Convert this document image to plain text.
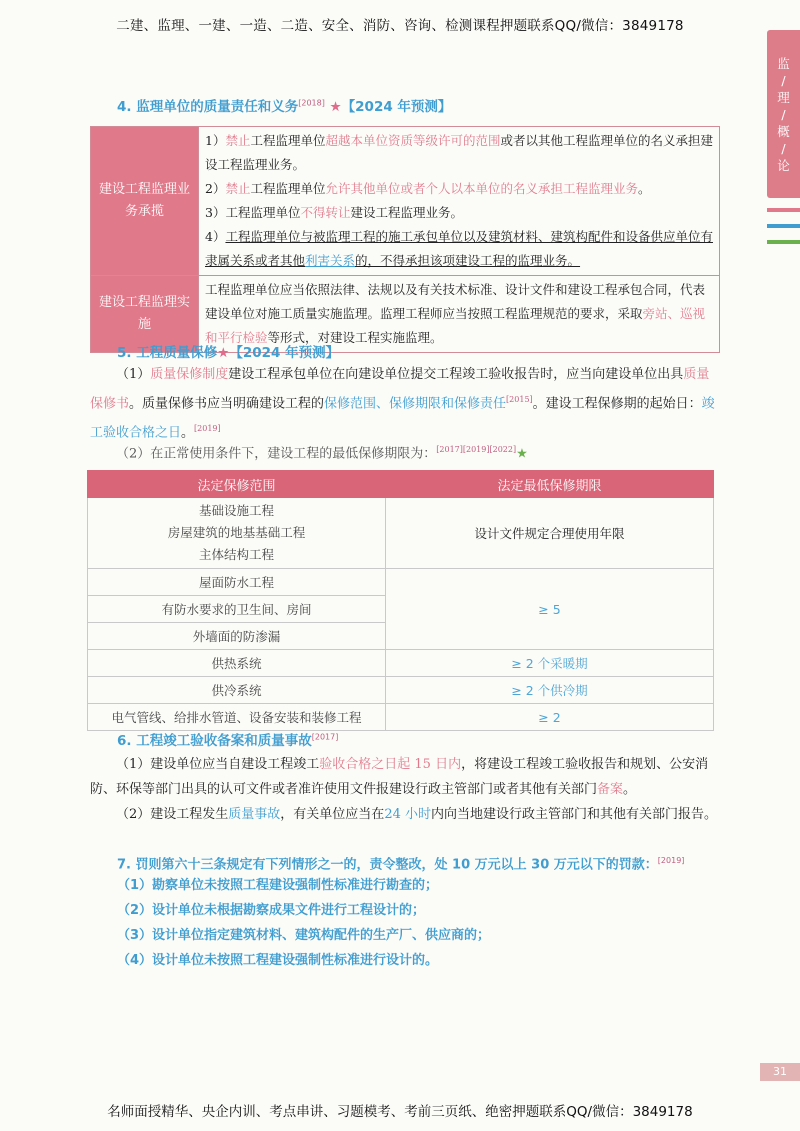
二建、监理、一建、一造、二造、安全、消防、咨询、检测课程押题联系QQ/微信：3849178
监
/
理
/
概
/
论
4. 监理单位的质量责任和义务[2018] ★【2024 年预测】
建设工程监理业务承揽	1）禁止工程监理单位超越本单位资质等级许可的范围或者以其他工程监理单位的名义承担建设工程监理业务。
2）禁止工程监理单位允许其他单位或者个人以本单位的名义承担工程监理业务。
3）工程监理单位不得转让建设工程监理业务。
4）工程监理单位与被监理工程的施工承包单位以及建筑材料、建筑构配件和设备供应单位有隶属关系或者其他利害关系的，不得承担该项建设工程的监理业务。

建设工程监理实施	工程监理单位应当依照法律、法规以及有关技术标准、设计文件和建设工程承包合同，代表建设单位对施工质量实施监理。监理工程师应当按照工程监理规范的要求，采取旁站、巡视和平行检验等形式，对建设工程实施监理。
5. 工程质量保修★【2024 年预测】
（1）质量保修制度建设工程承包单位在向建设单位提交工程竣工验收报告时，应当向建设单位出具质量保修书。质量保修书应当明确建设工程的保修范围、保修期限和保修责任[2015]。建设工程保修期的起始日：竣工验收合格之日。[2019]
（2）在正常使用条件下，建设工程的最低保修期限为：[2017][2019][2022]★
法定保修范围	法定最低保修期限

基础设施工程
房屋建筑的地基基础工程
主体结构工程	设计文件规定合理使用年限
屋面防水工程	≥ 5
有防水要求的卫生间、房间	
外墙面的防渗漏	
供热系统	≥ 2 个采暖期
供冷系统	≥ 2 个供冷期
电气管线、给排水管道、设备安装和装修工程	≥ 2
6. 工程竣工验收备案和质量事故[2017]
（1）建设单位应当自建设工程竣工验收合格之日起 15 日内，将建设工程竣工验收报告和规划、公安消防、环保等部门出具的认可文件或者准许使用文件报建设行政主管部门或者其他有关部门备案。
（2）建设工程发生质量事故，有关单位应当在24 小时内向当地建设行政主管部门和其他有关部门报告。
7. 罚则第六十三条规定有下列情形之一的，责令整改，处 10 万元以上 30 万元以下的罚款：[2019]
（1）勘察单位未按照工程建设强制性标准进行勘查的；
（2）设计单位未根据勘察成果文件进行工程设计的；
（3）设计单位指定建筑材料、建筑构配件的生产厂、供应商的；
（4）设计单位未按照工程建设强制性标准进行设计的。
31
名师面授精华、央企内训、考点串讲、习题模考、考前三页纸、绝密押题联系QQ/微信：3849178
